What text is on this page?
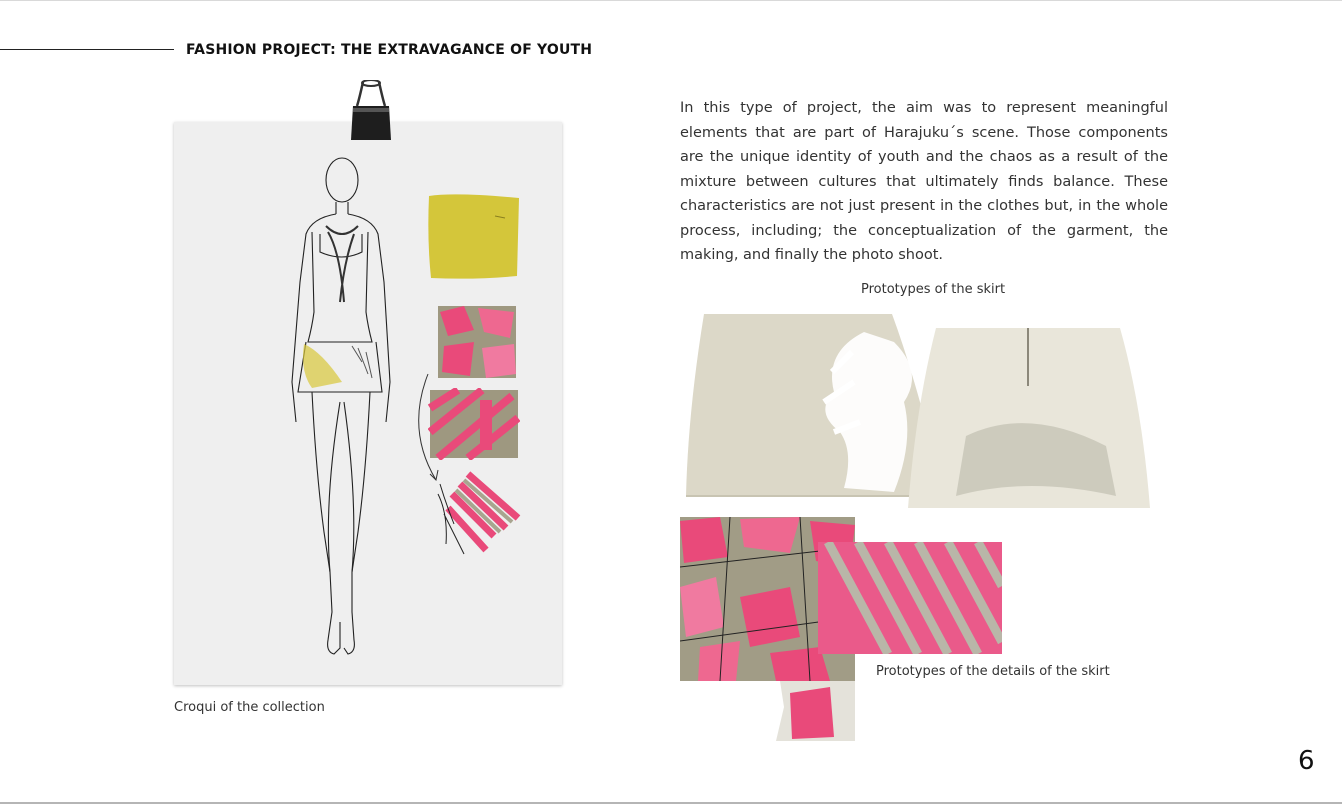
FASHION PROJECT: THE EXTRAVAGANCE OF YOUTH
Croqui of the collection
In this type of project, the aim was to represent meaningful elements that are part of Harajuku´s scene. Those components are the unique identity of youth and the chaos as a result of the mixture between cultures that ultimately finds balance. These characteristics are not just present in the clothes but, in the whole process, including; the conceptualization of the garment, the making, and finally the photo shoot.
Prototypes of the skirt
Prototypes of the details of the skirt
6
